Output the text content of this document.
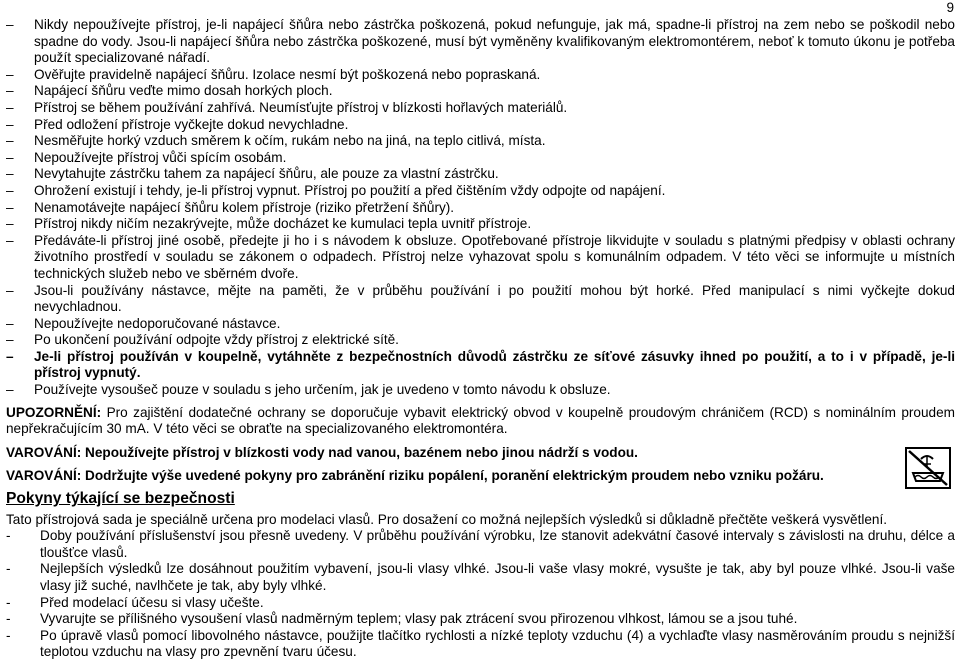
9
–	Nikdy nepoužívejte přístroj, je-li napájecí šňůra nebo zástrčka poškozená, pokud nefunguje, jak má, spadne-li přístroj na zem nebo se poškodil nebo spadne do vody. Jsou-li napájecí šňůra nebo zástrčka poškozené, musí být vyměněny kvalifikovaným elektromontérem, neboť k tomuto úkonu je potřeba použít specializované nářadí.
–	Ověřujte pravidelně napájecí šňůru. Izolace nesmí být poškozená nebo popraskaná.
–	Napájecí šňůru veďte mimo dosah horkých ploch.
–	Přístroj se během používání zahřívá. Neumísťujte přístroj v blízkosti hořlavých materiálů.
–	Před odložení přístroje vyčkejte dokud nevychladne.
–	Nesměřujte horký vzduch směrem k očím, rukám nebo na jiná, na teplo citlivá, místa.
–	Nepoužívejte přístroj vůči spícím osobám.
–	Nevytahujte zástrčku tahem za napájecí šňůru, ale pouze za vlastní zástrčku.
–	Ohrožení existují i tehdy, je-li přístroj vypnut. Přístroj po použití a před čištěním vždy odpojte od napájení.
–	Nenamotávejte napájecí šňůru kolem přístroje (riziko přetržení šňůry).
–	Přístroj nikdy ničím nezakrývejte, může docházet ke kumulaci tepla uvnitř přístroje.
–	Předáváte-li přístroj jiné osobě, předejte ji ho i s návodem k obsluze. Opotřebované přístroje likvidujte v souladu s platnými předpisy v oblasti ochrany životního prostředí v souladu se zákonem o odpadech. Přístroj nelze vyhazovat spolu s komunálním odpadem. V této věci se informujte u místních technických služeb nebo ve sběrném dvoře.
–	Jsou-li používány nástavce, mějte na paměti, že v průběhu používání i po použití mohou být horké. Před manipulací s nimi vyčkejte dokud nevychladnou.
–	Nepoužívejte nedoporučované nástavce.
–	Po ukončení používání odpojte vždy přístroj z elektrické sítě.
–	Je-li přístroj používán v koupelně, vytáhněte z bezpečnostních důvodů zástrčku ze síťové zásuvky ihned po použití, a to i v případě, je-li přístroj vypnutý.
–	Používejte vysoušeč pouze v souladu s jeho určením, jak je uvedeno v tomto návodu k obsluze.
UPOZORNĚNÍ: Pro zajištění dodatečné ochrany se doporučuje vybavit elektrický obvod v koupelně proudovým chráničem (RCD) s nominálním proudem nepřekračujícím 30 mA. V této věci se obraťte na specializovaného elektromontéra.
VAROVÁNÍ: Nepoužívejte přístroj v blízkosti vody nad vanou, bazénem nebo jinou nádrží s vodou.
VAROVÁNÍ: Dodržujte výše uvedené pokyny pro zabránění riziku popálení, poranění elektrickým proudem nebo vzniku požáru.
Pokyny týkající se bezpečnosti
Tato přístrojová sada je speciálně určena pro modelaci vlasů. Pro dosažení co možná nejlepších výsledků si důkladně přečtěte veškerá vysvětlení.
-	Doby používání příslušenství jsou přesně uvedeny. V průběhu používání výrobku, lze stanovit adekvátní časové intervaly s závislosti na druhu, délce a tloušťce vlasů.
-	Nejlepších výsledků lze dosáhnout použitím vybavení, jsou-li vlasy vlhké. Jsou-li vaše vlasy mokré, vysušte je tak, aby byl pouze vlhké. Jsou-li vaše vlasy již suché, navlhčete je tak, aby byly vlhké.
-	Před modelací účesu si vlasy učešte.
-	Vyvarujte se přílišného vysoušení vlasů nadměrným teplem; vlasy pak ztrácení svou přirozenou vlhkost, lámou se a jsou tuhé.
-	Po úpravě vlasů pomocí libovolného nástavce, použijte tlačítko rychlosti a nízké teploty vzduchu (4) a vychlaďte vlasy nasměrováním proudu s nejnižší teplotou vzduchu na vlasy pro zpevnění tvaru účesu.
